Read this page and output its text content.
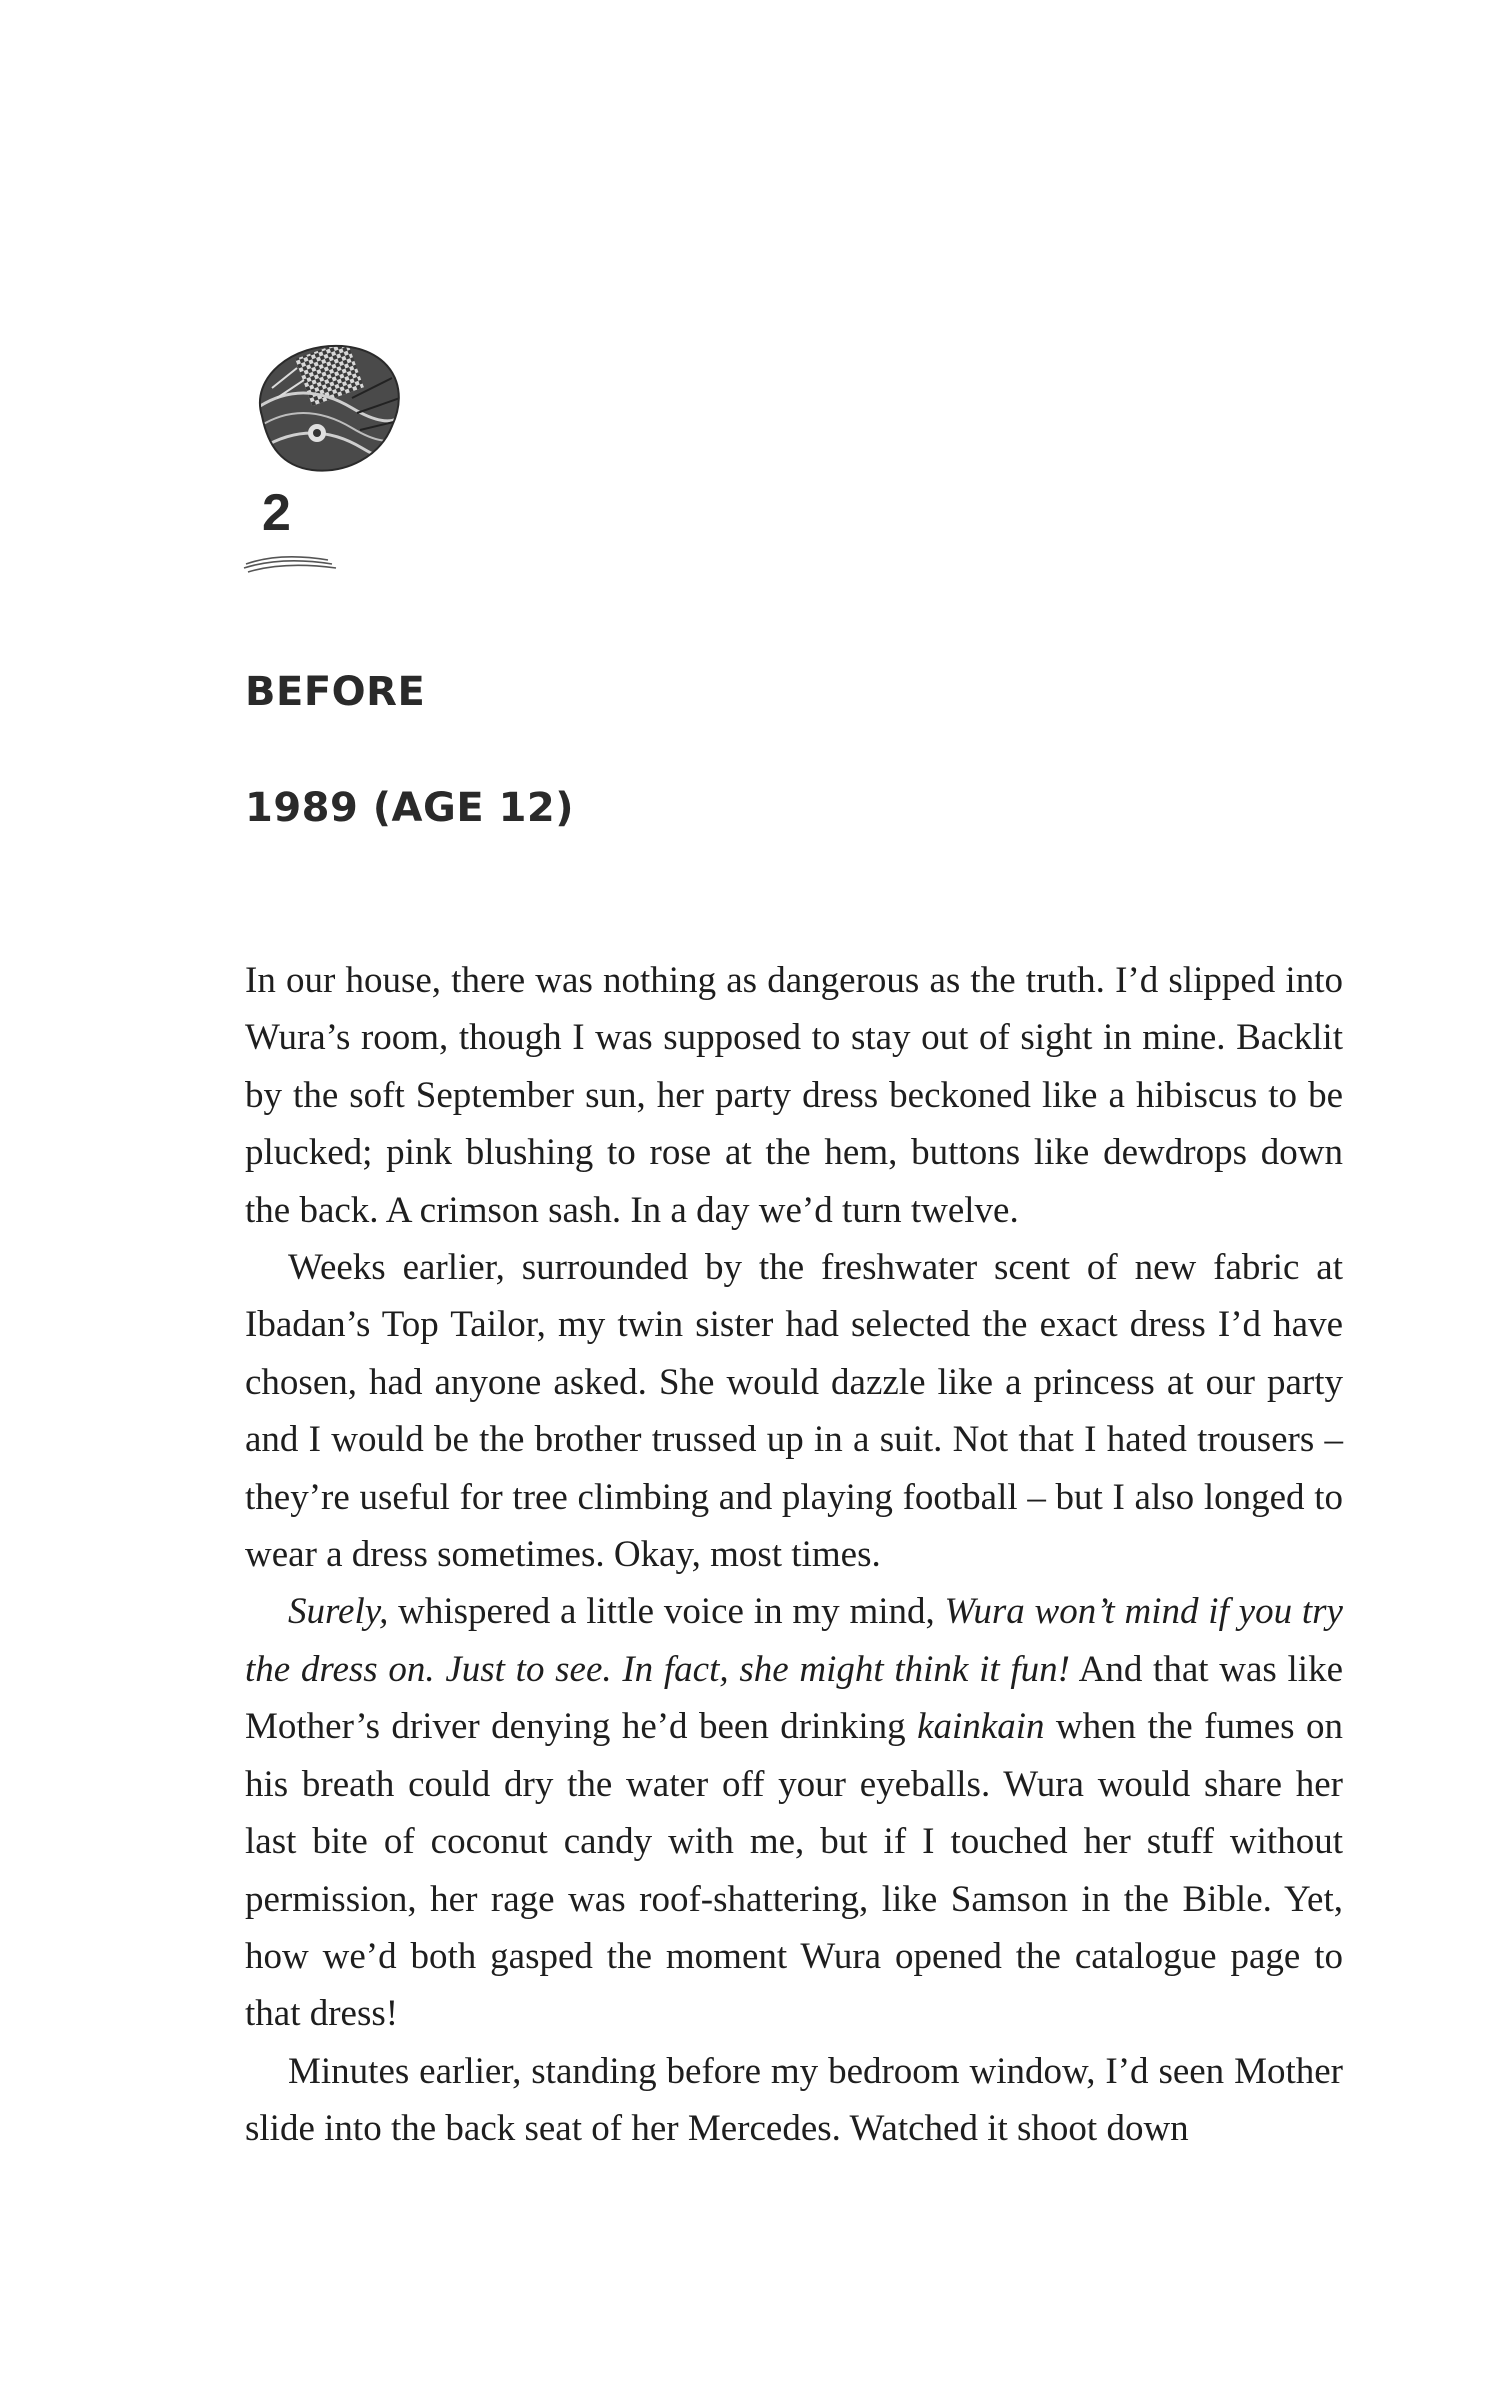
2
BEFORE
1989 (AGE 12)

In our house, there was nothing as dangerous as the truth. I’d slipped into Wura’s room, though I was supposed to stay out of sight in mine. Backlit by the soft September sun, her party dress beckoned like a hibiscus to be plucked; pink blushing to rose at the hem, buttons like dewdrops down the back. A crimson sash. In a day we’d turn twelve.

Weeks earlier, surrounded by the freshwater scent of new fabric at Ibadan’s Top Tailor, my twin sister had selected the exact dress I’d have chosen, had anyone asked. She would dazzle like a princess at our party and I would be the brother trussed up in a suit. Not that I hated trousers – they’re useful for tree climbing and playing football – but I also longed to wear a dress sometimes. Okay, most times.

Surely, whispered a little voice in my mind, Wura won’t mind if you try the dress on. Just to see. In fact, she might think it fun! And that was like Mother’s driver denying he’d been drinking kainkain when the fumes on his breath could dry the water off your eyeballs. Wura would share her last bite of coconut candy with me, but if I touched her stuff without permission, her rage was roof-shattering, like Samson in the Bible. Yet, how we’d both gasped the moment Wura opened the catalogue page to that dress!

Minutes earlier, standing before my bedroom window, I’d seen Mother slide into the back seat of her Mercedes. Watched it shoot down
